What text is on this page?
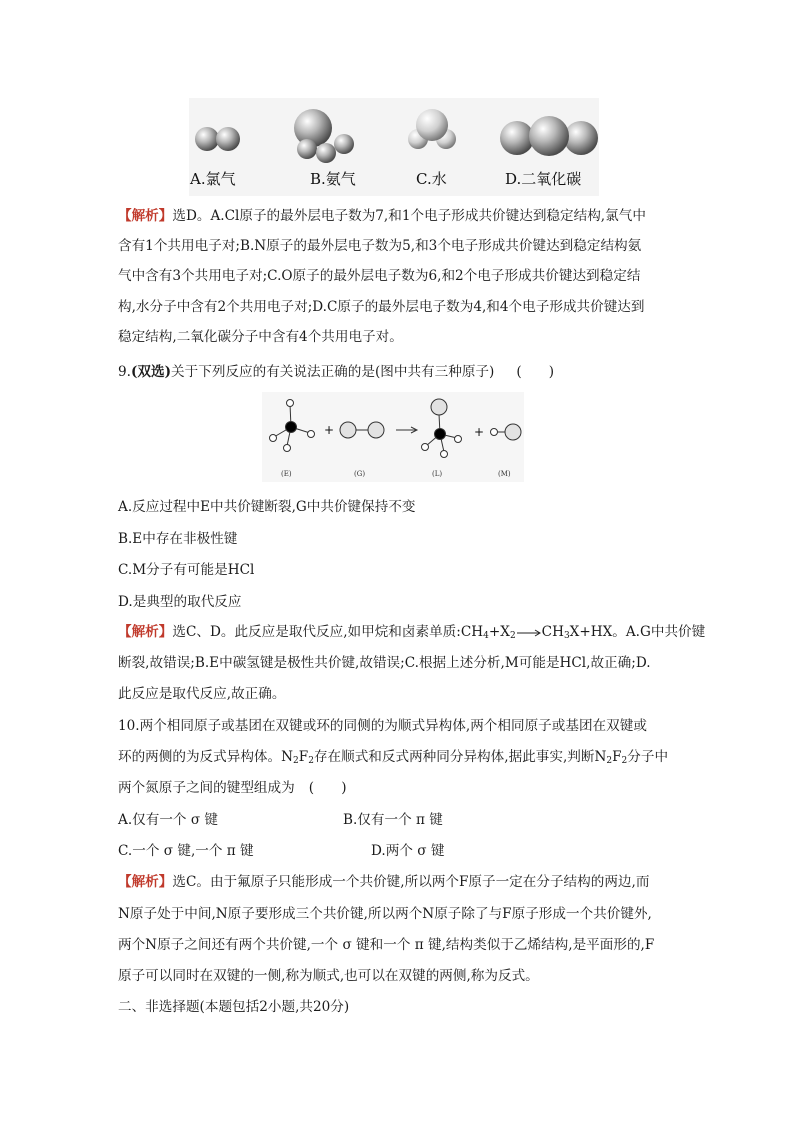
A.氯气	B.氨气	C.水	D.二氧化碳
【解析】选D。A.Cl原子的最外层电子数为7,和1个电子形成共价键达到稳定结构,氯气中
含有1个共用电子对;B.N原子的最外层电子数为5,和3个电子形成共价键达到稳定结构氨
气中含有3个共用电子对;C.O原子的最外层电子数为6,和2个电子形成共价键达到稳定结
构,水分子中含有2个共用电子对;D.C原子的最外层电子数为4,和4个电子形成共价键达到
稳定结构,二氧化碳分子中含有4个共用电子对。
9.(双选)关于下列反应的有关说法正确的是(图中共有三种原子) (　　)
+	+
(E)	(G)	(L)	(M)
A.反应过程中E中共价键断裂,G中共价键保持不变
B.E中存在非极性键
C.M分子有可能是HCl
D.是典型的取代反应
【解析】选C、D。此反应是取代反应,如甲烷和卤素单质$:CH_4+X_2\to CH_3X+HX$。A.G中共价键
断裂,故错误;B.E中碳氢键是极性共价键,故错误;C.根据上述分析,M可能是HCl,故正确;D.
此反应是取代反应,故正确。
10.两个相同原子或基团在双键或环的同侧的为顺式异构体,两个相同原子或基团在双键或
环的两侧的为反式异构体。$N_2F_2$存在顺式和反式两种同分异构体,据此事实,判断$N_2F_2$分子中
两个氮原子之间的键型组成为 (　　)
A.仅有一个 σ 键	B.仅有一个 π 键
C.一个 σ 键,一个 π 键	D.两个 σ 键
【解析】选C。由于氟原子只能形成一个共价键,所以两个F原子一定在分子结构的两边,而
N原子处于中间,N原子要形成三个共价键,所以两个N原子除了与F原子形成一个共价键外,
两个N原子之间还有两个共价键,一个 σ 键和一个 π 键,结构类似于乙烯结构,是平面形的,F
原子可以同时在双键的一侧,称为顺式,也可以在双键的两侧,称为反式。
二、非选择题(本题包括2小题,共20分)
